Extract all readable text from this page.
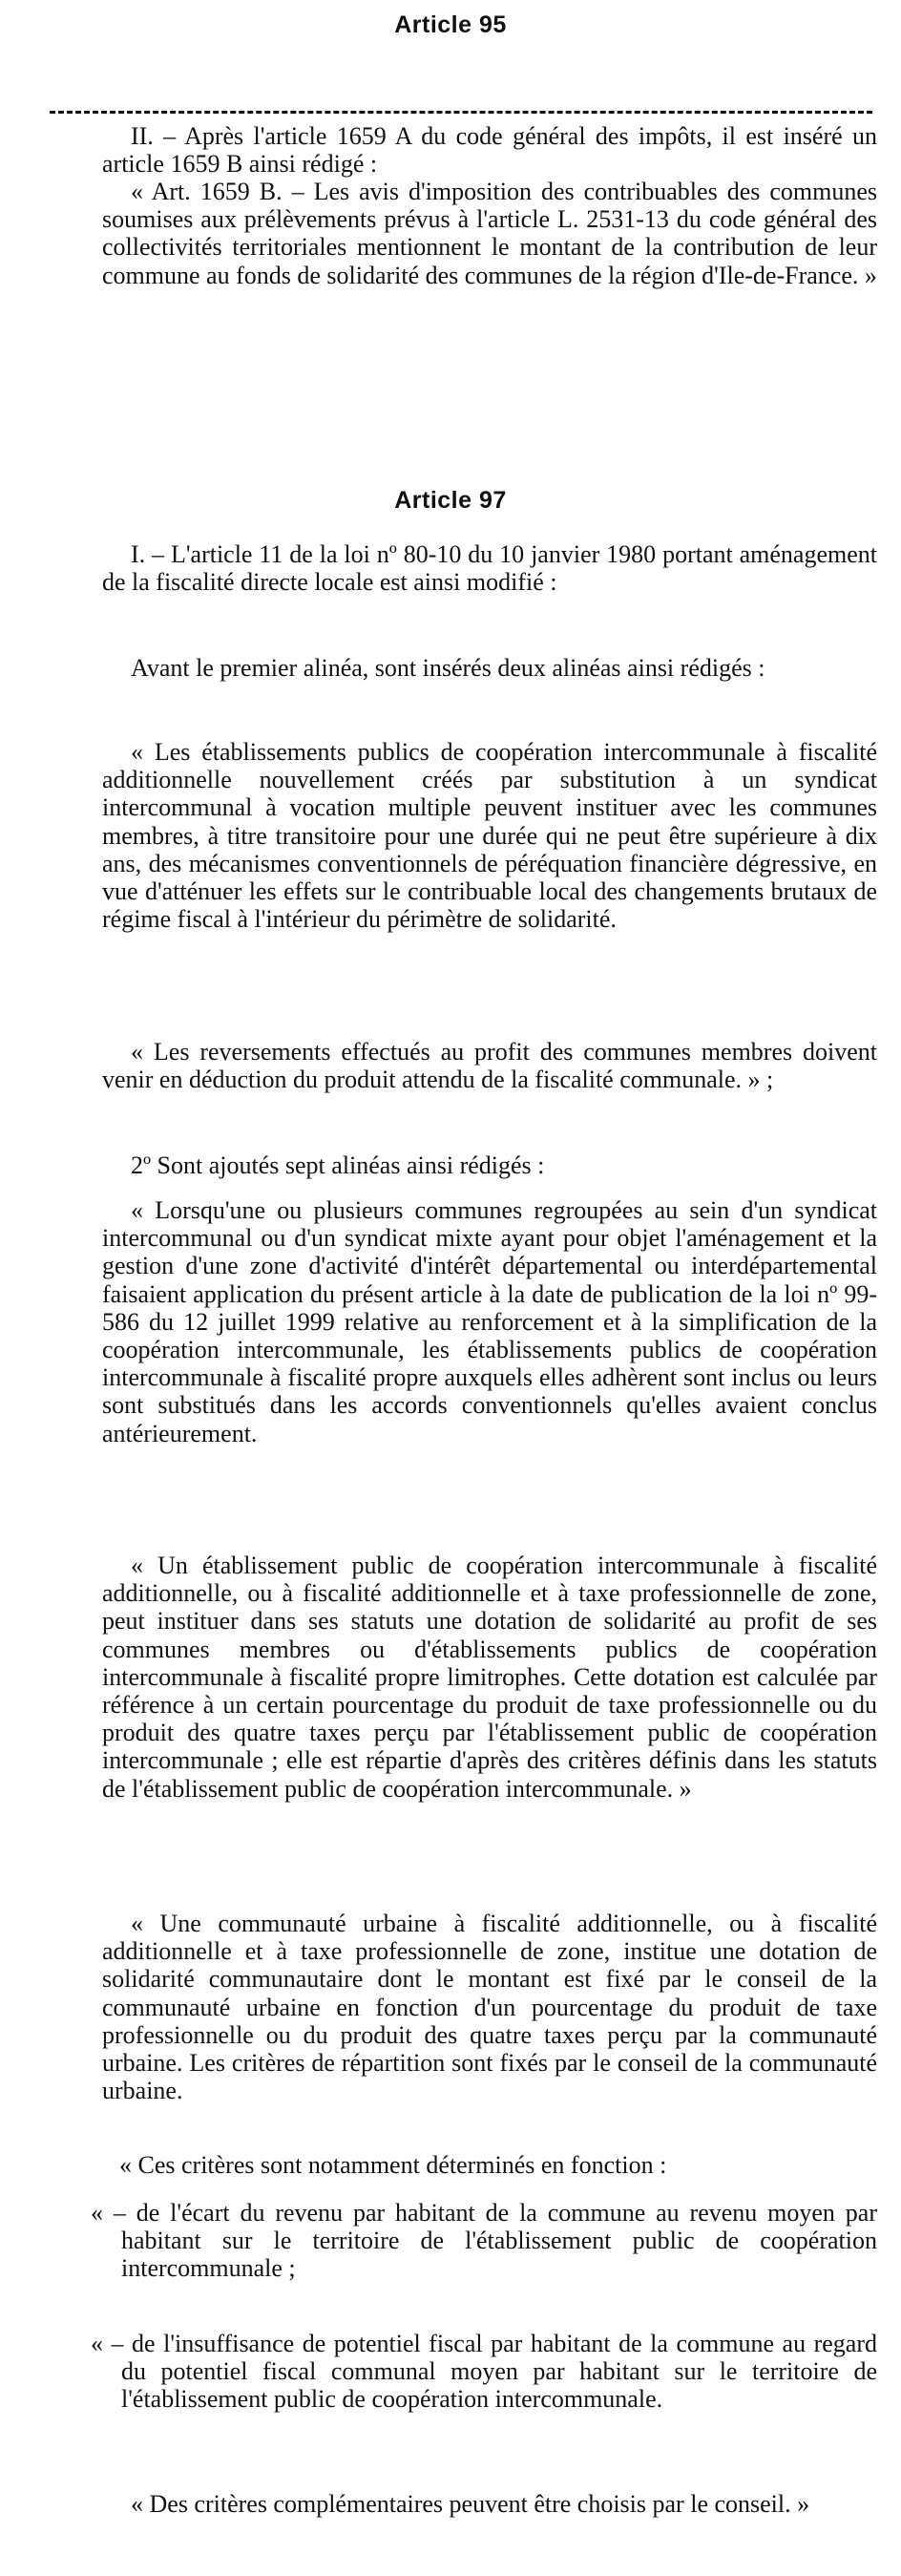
Article 95

II. – Après l'article 1659 A du code général des impôts, il est inséré un article 1659 B ainsi rédigé :

« Art. 1659 B. – Les avis d'imposition des contribuables des communes soumises aux prélèvements prévus à l'article L. 2531-13 du code général des collectivités territoriales mentionnent le montant de la contribution de leur commune au fonds de solidarité des communes de la région d'Ile-de-France. »

Article 97

I. – L'article 11 de la loi nº 80-10 du 10 janvier 1980 portant aménagement de la fiscalité directe locale est ainsi modifié :

Avant le premier alinéa, sont insérés deux alinéas ainsi rédigés :

« Les établissements publics de coopération intercommunale à fiscalité additionnelle nouvellement créés par substitution à un syndicat intercommunal à vocation multiple peuvent instituer avec les communes membres, à titre transitoire pour une durée qui ne peut être supérieure à dix ans, des mécanismes conventionnels de péréquation financière dégressive, en vue d'atténuer les effets sur le contribuable local des changements brutaux de régime fiscal à l'intérieur du périmètre de solidarité.

« Les reversements effectués au profit des communes membres doivent venir en déduction du produit attendu de la fiscalité communale. » ;

2º Sont ajoutés sept alinéas ainsi rédigés :

« Lorsqu'une ou plusieurs communes regroupées au sein d'un syndicat intercommunal ou d'un syndicat mixte ayant pour objet l'aménagement et la gestion d'une zone d'activité d'intérêt départemental ou interdépartemental faisaient application du présent article à la date de publication de la loi nº 99-586 du 12 juillet 1999 relative au renforcement et à la simplification de la coopération intercommunale, les établissements publics de coopération intercommunale à fiscalité propre auxquels elles adhèrent sont inclus ou leurs sont substitués dans les accords conventionnels qu'elles avaient conclus antérieurement.

« Un établissement public de coopération intercommunale à fiscalité additionnelle, ou à fiscalité additionnelle et à taxe professionnelle de zone, peut instituer dans ses statuts une dotation de solidarité au profit de ses communes membres ou d'établissements publics de coopération intercommunale à fiscalité propre limitrophes. Cette dotation est calculée par référence à un certain pourcentage du produit de taxe professionnelle ou du produit des quatre taxes perçu par l'établissement public de coopération intercommunale ; elle est répartie d'après des critères définis dans les statuts de l'établissement public de coopération intercommunale. »

« Une communauté urbaine à fiscalité additionnelle, ou à fiscalité additionnelle et à taxe professionnelle de zone, institue une dotation de solidarité communautaire dont le montant est fixé par le conseil de la communauté urbaine en fonction d'un pourcentage du produit de taxe professionnelle ou du produit des quatre taxes perçu par la communauté urbaine. Les critères de répartition sont fixés par le conseil de la communauté urbaine.

« Ces critères sont notamment déterminés en fonction :

« – de l'écart du revenu par habitant de la commune au revenu moyen par habitant sur le territoire de l'établissement public de coopération intercommunale ;

« – de l'insuffisance de potentiel fiscal par habitant de la commune au regard du potentiel fiscal communal moyen par habitant sur le territoire de l'établissement public de coopération intercommunale.

« Des critères complémentaires peuvent être choisis par le conseil. »
